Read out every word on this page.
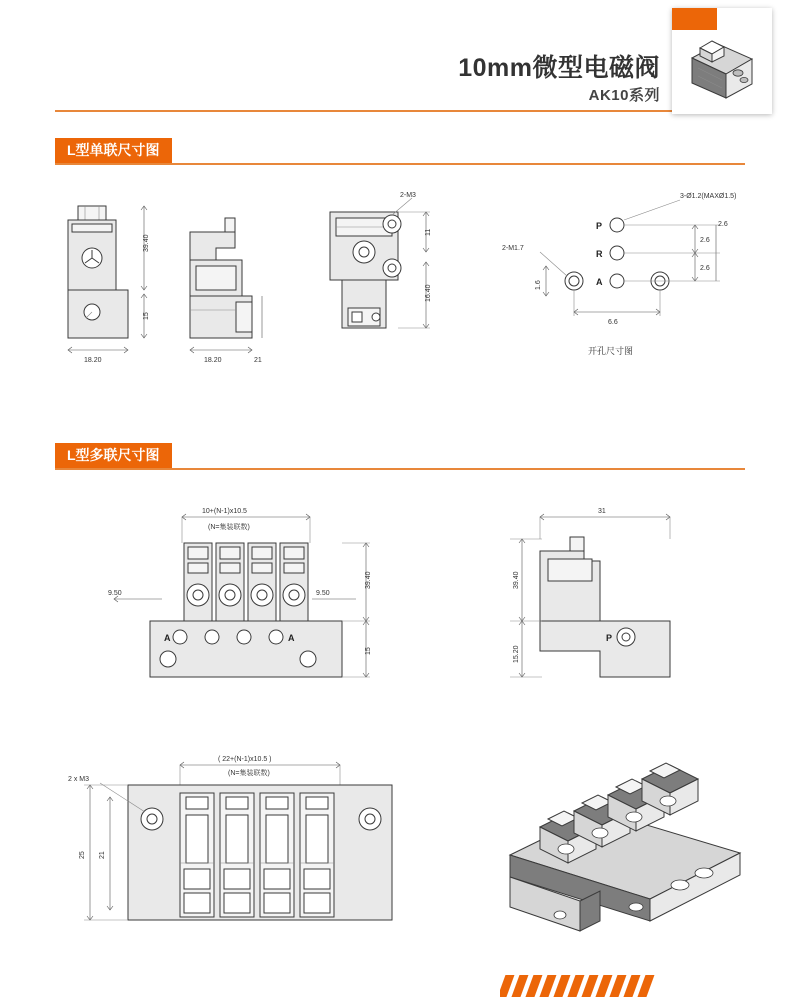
10mm微型电磁阀
AK10系列
L型单联尺寸图
39.40
15
18.20	18.20	21
2-M3
11
16.40
3-Ø1.2(MAXØ1.5)
2-M1.7
P
R
A
2.6
2.6
2.6
1.6
6.6
开孔尺寸图
L型多联尺寸图
10+(N-1)x10.5
(N=集装联数)
A	A
9.50	9.50
39.40
15
31
P
39.40
15.20
( 22+(N-1)x10.5 )
(N=集装联数)
2 x M3
25 21
